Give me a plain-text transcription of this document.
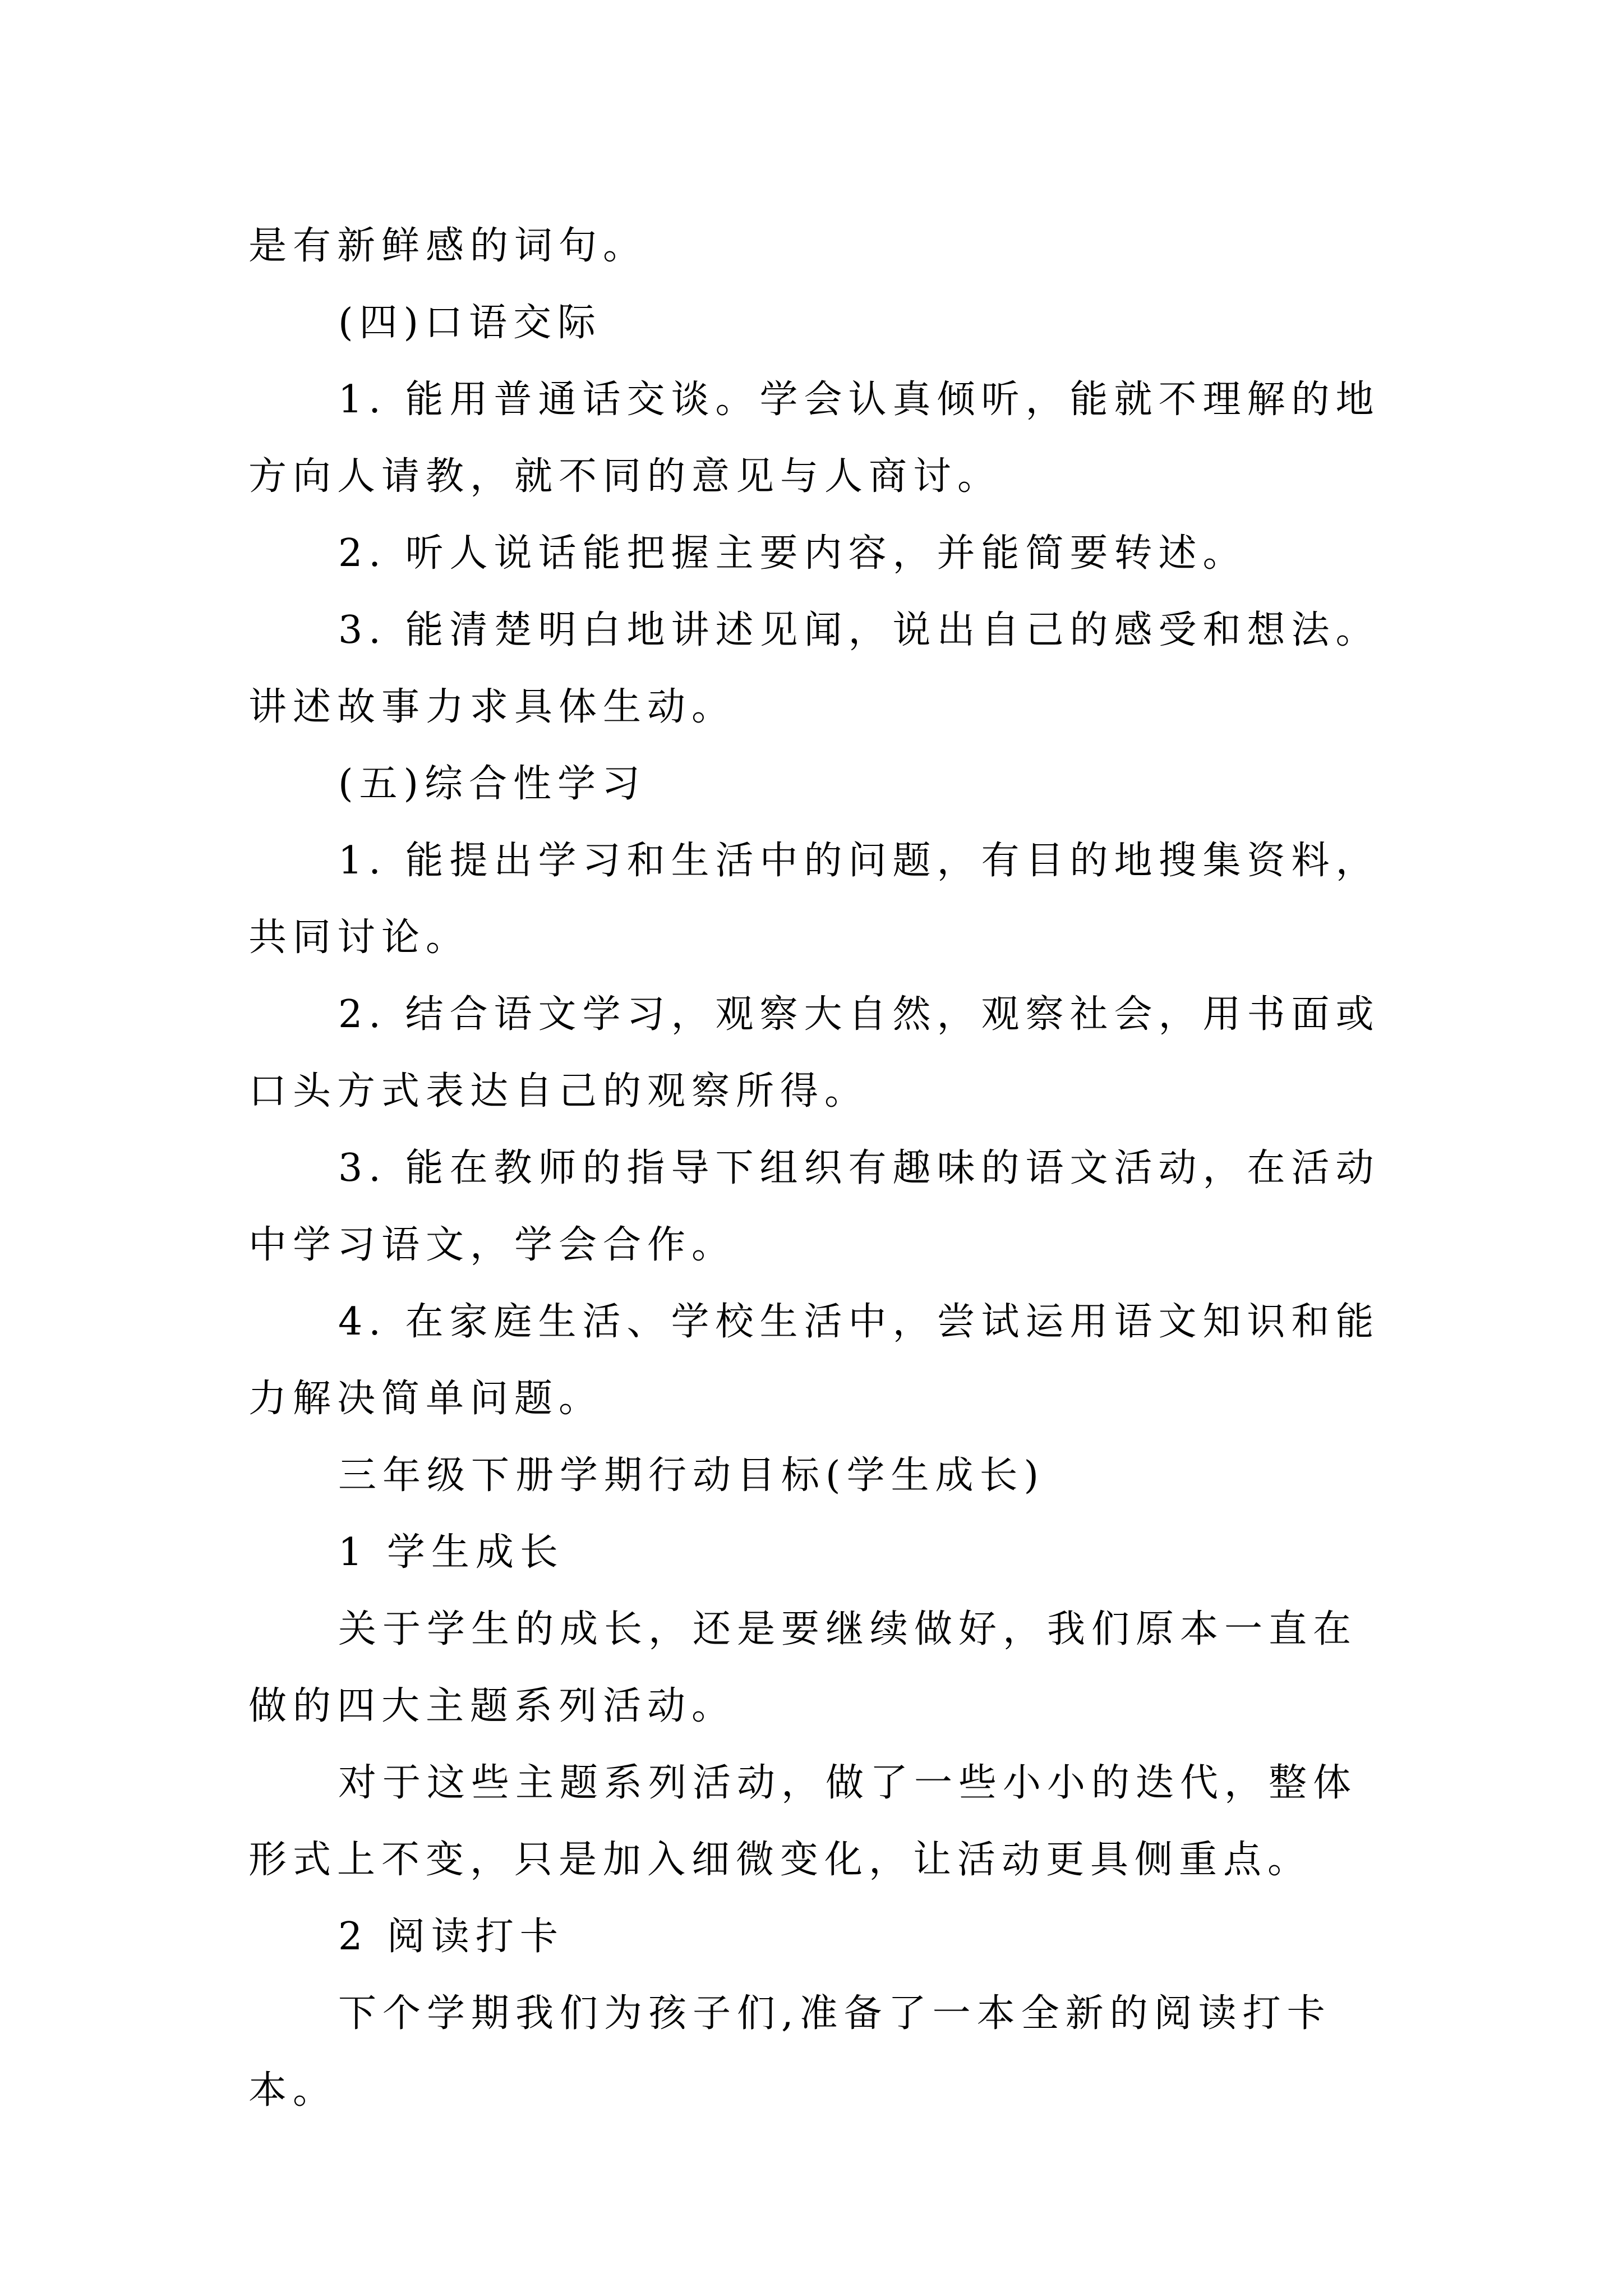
是有新鲜感的词句。

(四)口语交际

1. 能用普通话交谈。学会认真倾听，能就不理解的地方向人请教，就不同的意见与人商讨。

2. 听人说话能把握主要内容，并能简要转述。

3. 能清楚明白地讲述见闻，说出自己的感受和想法。讲述故事力求具体生动。

(五)综合性学习

1. 能提出学习和生活中的问题，有目的地搜集资料，共同讨论。

2. 结合语文学习，观察大自然，观察社会，用书面或口头方式表达自己的观察所得。

3. 能在教师的指导下组织有趣味的语文活动，在活动中学习语文，学会合作。

4. 在家庭生活、学校生活中，尝试运用语文知识和能力解决简单问题。

三年级下册学期行动目标(学生成长)

1 学生成长

关于学生的成长，还是要继续做好，我们原本一直在做的四大主题系列活动。

对于这些主题系列活动，做了一些小小的迭代，整体形式上不变，只是加入细微变化，让活动更具侧重点。

2 阅读打卡

下个学期我们为孩子们,准备了一本全新的阅读打卡本。
